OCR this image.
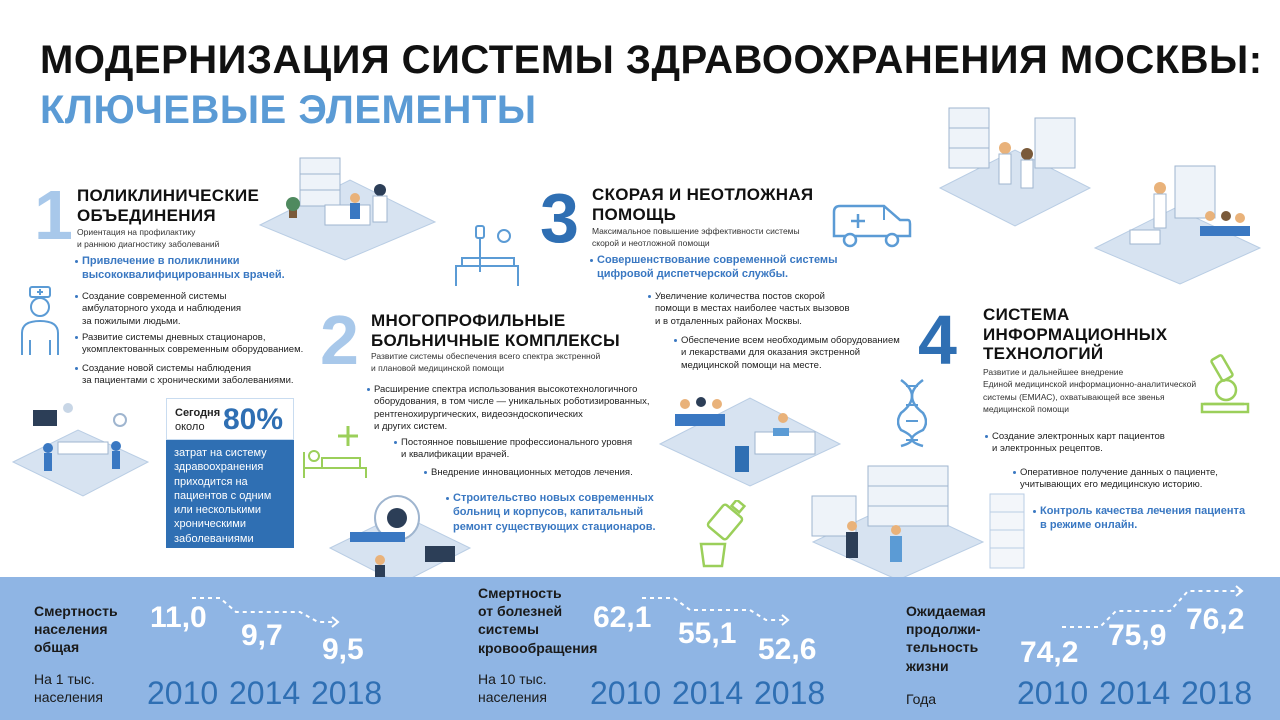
МОДЕРНИЗАЦИЯ СИСТЕМЫ ЗДРАВООХРАНЕНИЯ МОСКВЫ:
КЛЮЧЕВЫЕ ЭЛЕМЕНТЫ
1 ПОЛИКЛИНИЧЕСКИЕ
ОБЪЕДИНЕНИЯ
Ориентация на профилактику
и раннюю диагностику заболеваний
Привлечение в поликлиники
высококвалифицированных врачей.
Создание современной системы
амбулаторного ухода и наблюдения
за пожилыми людьми.
Развитие системы дневных стационаров,
укомплектованных современным оборудованием.
Создание новой системы наблюдения
за пациентами с хроническими заболеваниями.
Сегодня
около 80%
затрат на систему
здравоохранения
приходится на
пациентов с одним
или несколькими
хроническими
заболеваниями
2 МНОГОПРОФИЛЬНЫЕ
БОЛЬНИЧНЫЕ КОМПЛЕКСЫ
Развитие системы обеспечения всего спектра экстренной
и плановой медицинской помощи
Расширение спектра использования высокотехнологичного
оборудования, в том числе — уникальных роботизированных,
рентгенохирургических, видеоэндоскопических
и других систем.
Постоянное повышение профессионального уровня
и квалификации врачей.
Внедрение инновационных методов лечения.
Строительство новых современных
больниц и корпусов, капитальный
ремонт существующих стационаров.
3 СКОРАЯ И НЕОТЛОЖНАЯ
ПОМОЩЬ
Максимальное повышение эффективности системы
скорой и неотложной помощи
Совершенствование современной системы
цифровой диспетчерской службы.
Увеличение количества постов скорой
помощи в местах наиболее частых вызовов
и в отдаленных районах Москвы.
Обеспечение всем необходимым оборудованием
и лекарствами для оказания экстренной
медицинской помощи на месте.	4 СИСТЕМА
ИНФОРМАЦИОННЫХ
ТЕХНОЛОГИЙ
Развитие и дальнейшее внедрение
Единой медицинской информационно-аналитической
системы (ЕМИАС), охватывающей все звенья
медицинской помощи
Создание электронных карт пациентов
и электронных рецептов.
Оперативное получение данных о пациенте,
учитывающих его медицинскую историю.
Контроль качества лечения пациента
в режиме онлайн.
Смертность
населения
общая
На 1 тыс.
населения
11,0
9,7 9,5
2010 2014 2018
Смертность
от болезней
системы
кровообращения
На 10 тыс.
населения
62,1 55,1 52,6
2010 2014 2018
Ожидаемая
продолжи-
тельность
жизни
Года
74,2
75,9 76,2
2010 2014 2018
